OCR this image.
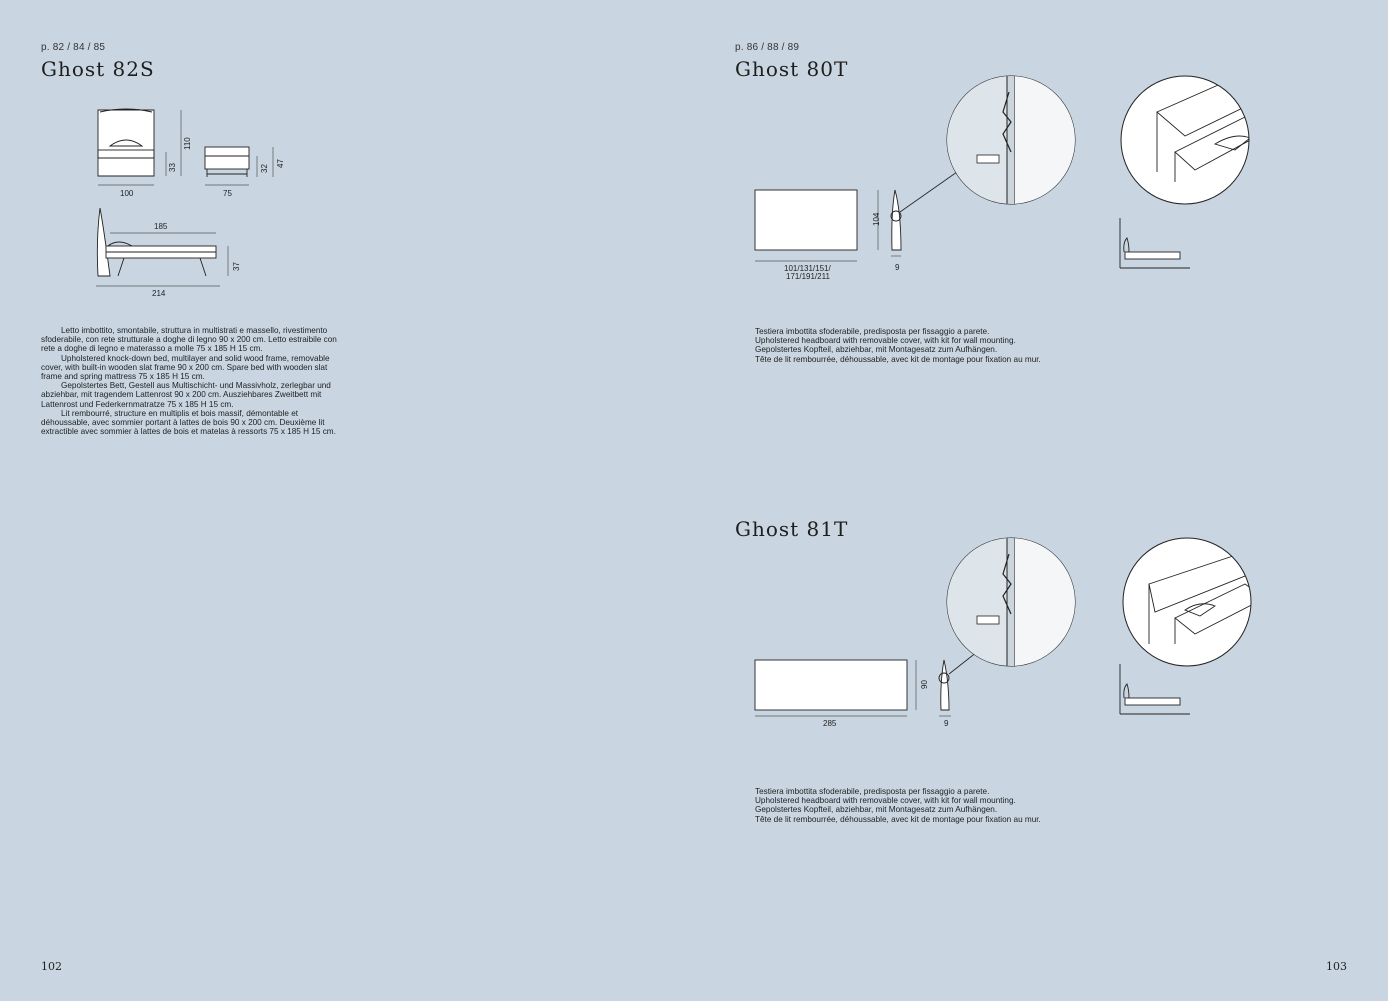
p. 82 / 84 / 85
Ghost 82S
100
33
110
75
32
47
185
214
37

Letto imbottito, smontabile, struttura in multistrati e massello, rivestimento sfoderabile, con rete strutturale a doghe di legno 90 x 200 cm. Letto estraibile con rete a doghe di legno e materasso a molle 75 x 185 H 15 cm.

Upholstered knock-down bed, multilayer and solid wood frame, removable cover, with built-in wooden slat frame 90 x 200 cm. Spare bed with wooden slat frame and spring mattress 75 x 185 H 15 cm.

Gepolstertes Bett, Gestell aus Multischicht- und Massivholz, zerlegbar und abziehbar, mit tragendem Lattenrost 90 x 200 cm. Ausziehbares Zweitbett mit Lattenrost und Federkernmatratze 75 x 185 H 15 cm.

Lit rembourré, structure en multiplis et bois massif, démontable et déhoussable, avec sommier portant à lattes de bois 90 x 200 cm. Deuxième lit extractible avec sommier à lattes de bois et matelas à ressorts 75 x 185 H 15 cm.

102
p. 86 / 88 / 89
Ghost 80T
101/131/151/
171/191/211
104
9

Testiera imbottita sfoderabile, predisposta per fissaggio a parete.

Upholstered headboard with removable cover, with kit for wall mounting.

Gepolstertes Kopfteil, abziehbar, mit Montagesatz zum Aufhängen.

Tête de lit rembourrée, déhoussable, avec kit de montage pour fixation au mur.

Ghost 81T
285
90
9

Testiera imbottita sfoderabile, predisposta per fissaggio a parete.

Upholstered headboard with removable cover, with kit for wall mounting.

Gepolstertes Kopfteil, abziehbar, mit Montagesatz zum Aufhängen.

Tête de lit rembourrée, déhoussable, avec kit de montage pour fixation au mur.

103
